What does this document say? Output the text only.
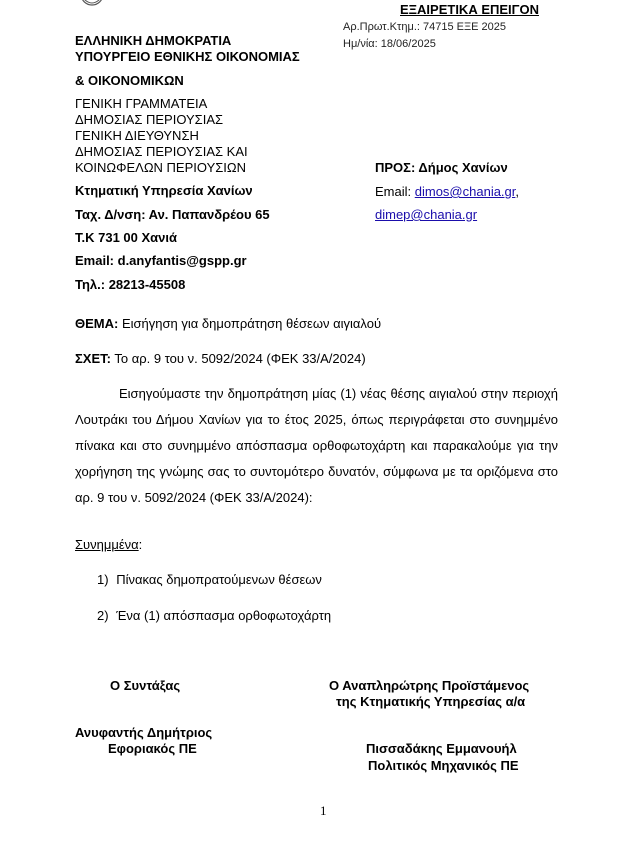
ΕΞΑΙΡΕΤΙΚΑ ΕΠΕΙΓΟΝ
Αρ.Πρωτ.Κτημ.: 74715 ΕΞΕ 2025
Ημ/νία: 18/06/2025
ΕΛΛΗΝΙΚΗ ΔΗΜΟΚΡΑΤΙΑ
ΥΠΟΥΡΓΕΙΟ ΕΘΝΙΚΗΣ ΟΙΚΟΝΟΜΙΑΣ
& ΟΙΚΟΝΟΜΙΚΩΝ
ΓΕΝΙΚΗ ΓΡΑΜΜΑΤΕΙΑ
ΔΗΜΟΣΙΑΣ ΠΕΡΙΟΥΣΙΑΣ
ΓΕΝΙΚΗ ΔΙΕΥΘΥΝΣΗ
ΔΗΜΟΣΙΑΣ ΠΕΡΙΟΥΣΙΑΣ ΚΑΙ
ΚΟΙΝΩΦΕΛΩΝ ΠΕΡΙΟΥΣΙΩΝ
Κτηματική Υπηρεσία Χανίων
Ταχ. Δ/νση: Αν. Παπανδρέου 65
Τ.Κ 731 00 Χανιά
Email: d.anyfantis@gspp.gr
Τηλ.: 28213-45508
ΠΡΟΣ: Δήμος Χανίων
Email: dimos@chania.gr,
dimep@chania.gr
ΘΕΜΑ: Εισήγηση για δημοπράτηση θέσεων αιγιαλού
ΣΧΕΤ: Το αρ. 9 του ν. 5092/2024 (ΦΕΚ 33/Α/2024)
Εισηγούμαστε την δημοπράτηση μίας (1) νέας θέσης αιγιαλού στην περιοχή Λουτράκι του Δήμου Χανίων για το έτος 2025, όπως περιγράφεται στο συνημμένο πίνακα και στο συνημμένο απόσπασμα ορθοφωτοχάρτη και παρακαλούμε για την χορήγηση της γνώμης σας το συντομότερο δυνατόν, σύμφωνα με τα οριζόμενα στο αρ. 9 του ν. 5092/2024 (ΦΕΚ 33/Α/2024):
Συνημμένα:
1) Πίνακας δημοπρατούμενων θέσεων
2) Ένα (1) απόσπασμα ορθοφωτοχάρτη
Ο Συντάξας
Ανυφαντής Δημήτριος
Εφοριακός ΠΕ
Ο Αναπληρώτρης Προϊστάμενος
της Κτηματικής Υπηρεσίας α/α
Πισσαδάκης Εμμανουήλ
Πολιτικός Μηχανικός ΠΕ
1
